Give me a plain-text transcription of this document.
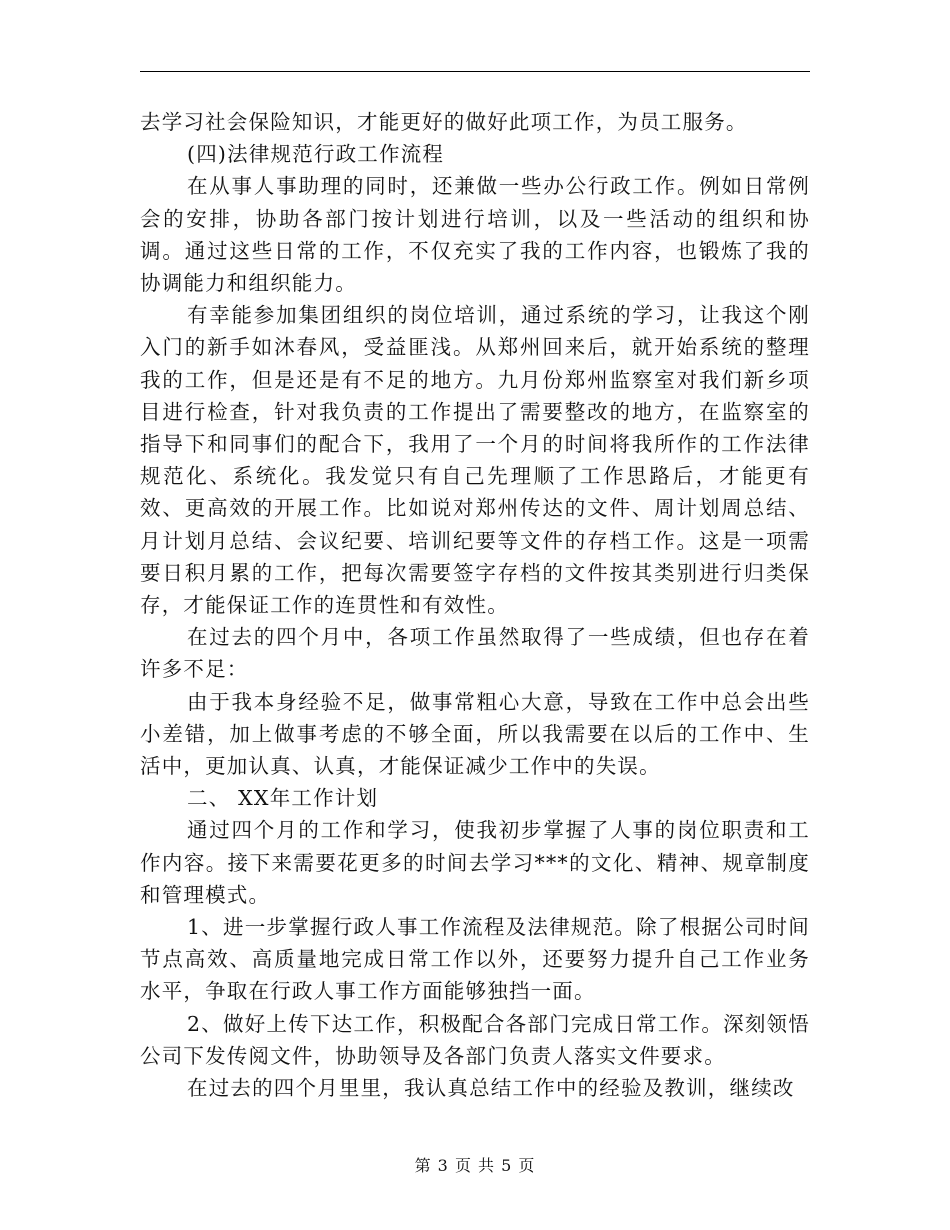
去学习社会保险知识，才能更好的做好此项工作，为员工服务。

(四)法律规范行政工作流程

在从事人事助理的同时，还兼做一些办公行政工作。例如日常例会的安排，协助各部门按计划进行培训，以及一些活动的组织和协调。通过这些日常的工作，不仅充实了我的工作内容，也锻炼了我的协调能力和组织能力。

有幸能参加集团组织的岗位培训，通过系统的学习，让我这个刚入门的新手如沐春风，受益匪浅。从郑州回来后，就开始系统的整理我的工作，但是还是有不足的地方。九月份郑州监察室对我们新乡项目进行检查，针对我负责的工作提出了需要整改的地方，在监察室的指导下和同事们的配合下，我用了一个月的时间将我所作的工作法律规范化、系统化。我发觉只有自己先理顺了工作思路后，才能更有效、更高效的开展工作。比如说对郑州传达的文件、周计划周总结、月计划月总结、会议纪要、培训纪要等文件的存档工作。这是一项需要日积月累的工作，把每次需要签字存档的文件按其类别进行归类保存，才能保证工作的连贯性和有效性。

在过去的四个月中，各项工作虽然取得了一些成绩，但也存在着许多不足：

由于我本身经验不足，做事常粗心大意，导致在工作中总会出些小差错，加上做事考虑的不够全面，所以我需要在以后的工作中、生活中，更加认真、认真，才能保证减少工作中的失误。

二、 XX年工作计划

通过四个月的工作和学习，使我初步掌握了人事的岗位职责和工作内容。接下来需要花更多的时间去学习***的文化、精神、规章制度和管理模式。

1、进一步掌握行政人事工作流程及法律规范。除了根据公司时间节点高效、高质量地完成日常工作以外，还要努力提升自己工作业务水平，争取在行政人事工作方面能够独挡一面。

2、做好上传下达工作，积极配合各部门完成日常工作。深刻领悟公司下发传阅文件，协助领导及各部门负责人落实文件要求。

在过去的四个月里里，我认真总结工作中的经验及教训，继续改

第 3 页 共 5 页
